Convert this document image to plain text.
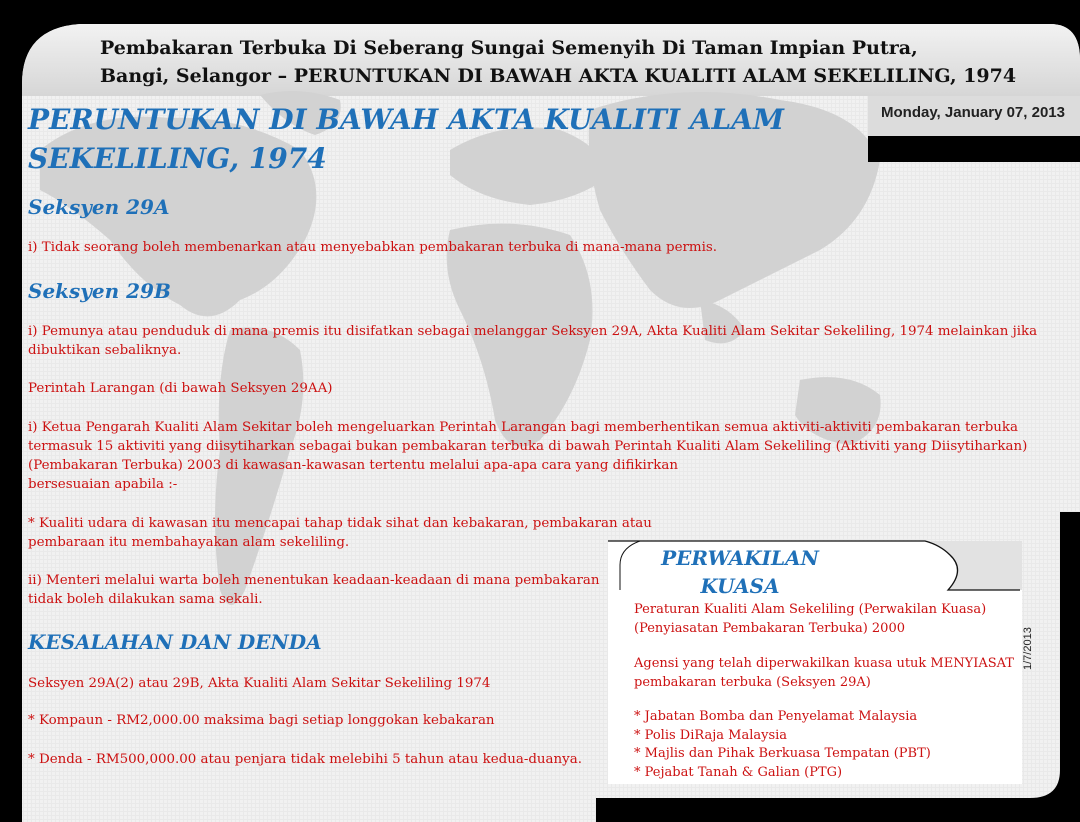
Pembakaran Terbuka Di Seberang Sungai Semenyih Di Taman Impian Putra,
Bangi, Selangor – PERUNTUKAN DI BAWAH AKTA KUALITI ALAM SEKELILING, 1974
Monday, January 07, 2013
PERUNTUKAN DI BAWAH AKTA KUALITI ALAM
SEKELILING, 1974
Seksyen 29A

i) Tidak seorang boleh membenarkan atau menyebabkan pembakaran terbuka di mana-mana permis.

Seksyen 29B

i) Pemunya atau penduduk di mana premis itu disifatkan sebagai melanggar Seksyen 29A, Akta Kualiti Alam Sekitar Sekeliling, 1974 melainkan jika
dibuktikan sebaliknya.

Perintah Larangan (di bawah Seksyen 29AA)

i) Ketua Pengarah Kualiti Alam Sekitar boleh mengeluarkan Perintah Larangan bagi memberhentikan semua aktiviti-aktiviti pembakaran terbuka
termasuk 15 aktiviti yang diisytiharkan sebagai bukan pembakaran terbuka di bawah Perintah Kualiti Alam Sekeliling (Aktiviti yang Diisytiharkan)
(Pembakaran Terbuka) 2003 di kawasan-kawasan tertentu melalui apa-apa cara yang difikirkan
bersesuaian apabila :-

* Kualiti udara di kawasan itu mencapai tahap tidak sihat dan kebakaran, pembakaran atau
pembaraan itu membahayakan alam sekeliling.

ii) Menteri melalui warta boleh menentukan keadaan-keadaan di mana pembakaran
tidak boleh dilakukan sama sekali.

KESALAHAN DAN DENDA

Seksyen 29A(2) atau 29B, Akta Kualiti Alam Sekitar Sekeliling 1974

* Kompaun - RM2,000.00 maksima bagi setiap longgokan kebakaran

* Denda - RM500,000.00 atau penjara tidak melebihi 5 tahun atau kedua-duanya.

PERWAKILAN
KUASA

Peraturan Kualiti Alam Sekeliling (Perwakilan Kuasa)
(Penyiasatan Pembakaran Terbuka) 2000

Agensi yang telah diperwakilkan kuasa utuk MENYIASAT
pembakaran terbuka (Seksyen 29A)

* Jabatan Bomba dan Penyelamat Malaysia

* Polis DiRaja Malaysia

* Majlis dan Pihak Berkuasa Tempatan (PBT)

* Pejabat Tanah & Galian (PTG)

1/7/2013
